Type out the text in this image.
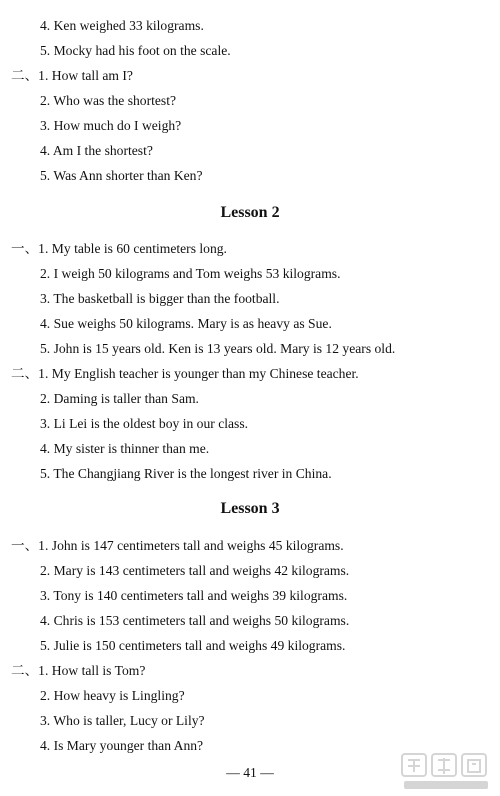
4. Ken weighed 33 kilograms.
5. Mocky had his foot on the scale.
二、1. How tall am I?
2. Who was the shortest?
3. How much do I weigh?
4. Am I the shortest?
5. Was Ann shorter than Ken?
Lesson 2
一、1. My table is 60 centimeters long.
2. I weigh 50 kilograms and Tom weighs 53 kilograms.
3. The basketball is bigger than the football.
4. Sue weighs 50 kilograms. Mary is as heavy as Sue.
5. John is 15 years old. Ken is 13 years old. Mary is 12 years old.
二、1. My English teacher is younger than my Chinese teacher.
2. Daming is taller than Sam.
3. Li Lei is the oldest boy in our class.
4. My sister is thinner than me.
5. The Changjiang River is the longest river in China.
Lesson 3
一、1. John is 147 centimeters tall and weighs 45 kilograms.
2. Mary is 143 centimeters tall and weighs 42 kilograms.
3. Tony is 140 centimeters tall and weighs 39 kilograms.
4. Chris is 153 centimeters tall and weighs 50 kilograms.
5. Julie is 150 centimeters tall and weighs 49 kilograms.
二、1. How tall is Tom?
2. How heavy is Lingling?
3. Who is taller, Lucy or Lily?
4. Is Mary younger than Ann?
— 41 —
